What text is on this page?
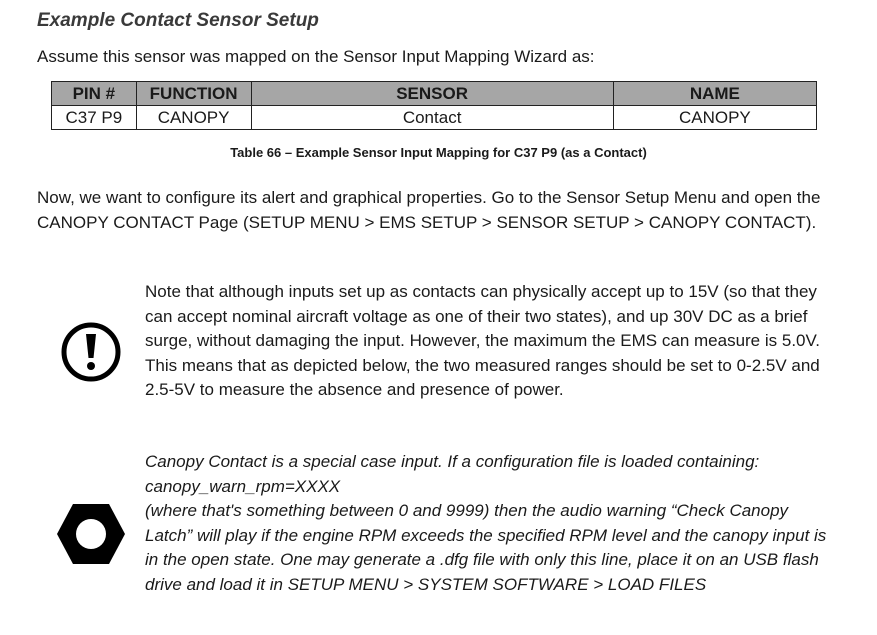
Example Contact Sensor Setup
Assume this sensor was mapped on the Sensor Input Mapping Wizard as:
PIN #	FUNCTION	SENSOR	NAME
C37 P9	CANOPY	Contact	CANOPY
Table 66 – Example Sensor Input Mapping for C37 P9 (as a Contact)
Now, we want to configure its alert and graphical properties. Go to the Sensor Setup Menu and open the CANOPY CONTACT Page (SETUP MENU > EMS SETUP > SENSOR SETUP > CANOPY CONTACT).
Note that although inputs set up as contacts can physically accept up to 15V (so that they can accept nominal aircraft voltage as one of their two states), and up 30V DC as a brief surge, without damaging the input. However, the maximum the EMS can measure is 5.0V. This means that as depicted below, the two measured ranges should be set to 0-2.5V and 2.5-5V to measure the absence and presence of power.
Canopy Contact is a special case input. If a configuration file is loaded containing:
canopy_warn_rpm=XXXX
(where that's something between 0 and 9999) then the audio warning “Check Canopy Latch” will play if the engine RPM exceeds the specified RPM level and the canopy input is in the open state. One may generate a .dfg file with only this line, place it on an USB flash drive and load it in SETUP MENU > SYSTEM SOFTWARE > LOAD FILES
